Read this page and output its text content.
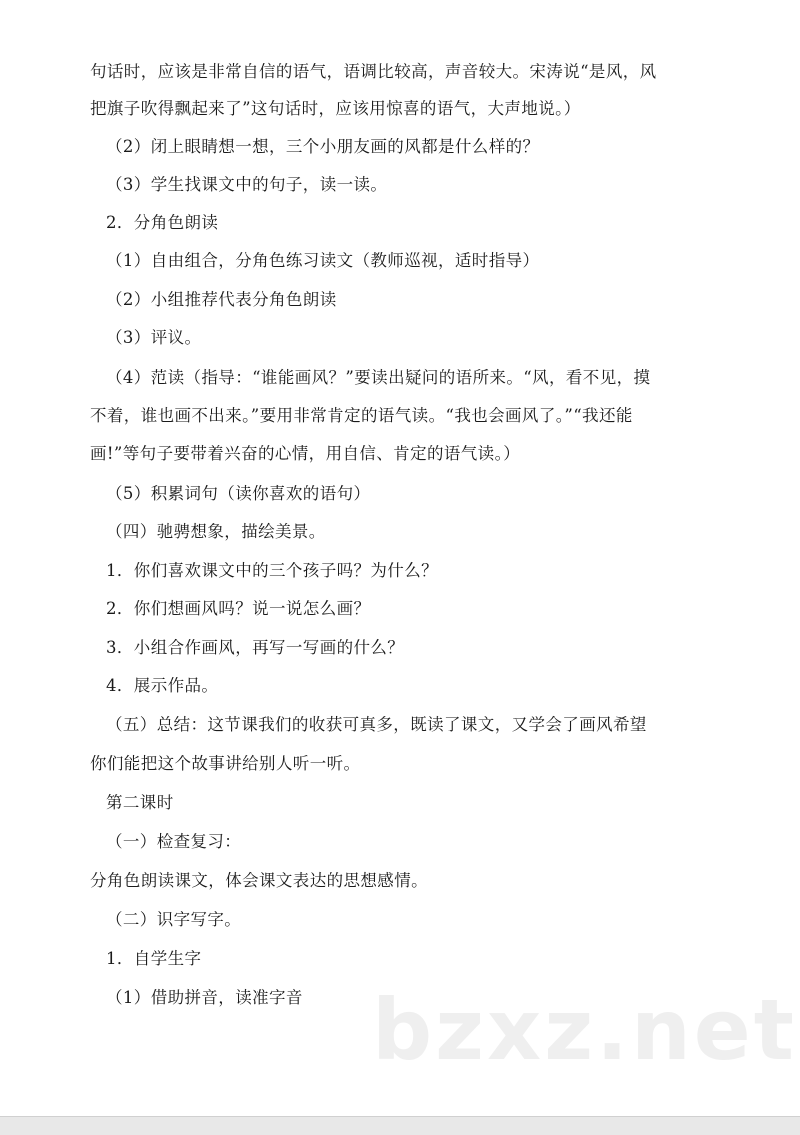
句话时，应该是非常自信的语气，语调比较高，声音较大。宋涛说“是风，风
把旗子吹得飘起来了”这句话时，应该用惊喜的语气，大声地说。）
（2）闭上眼睛想一想，三个小朋友画的风都是什么样的？
（3）学生找课文中的句子，读一读。
2．分角色朗读
（1）自由组合，分角色练习读文（教师巡视，适时指导）
（2）小组推荐代表分角色朗读
（3）评议。
（4）范读（指导：“谁能画风？”要读出疑问的语所来。“风，看不见，摸
不着，谁也画不出来。”要用非常肯定的语气读。“我也会画风了。”“我还能
画!”等句子要带着兴奋的心情，用自信、肯定的语气读。）
（5）积累词句（读你喜欢的语句）
（四）驰骋想象，描绘美景。
1．你们喜欢课文中的三个孩子吗？为什么？
2．你们想画风吗？说一说怎么画？
3．小组合作画风，再写一写画的什么？
4．展示作品。
（五）总结：这节课我们的收获可真多，既读了课文，又学会了画风希望
你们能把这个故事讲给别人听一听。
第二课时
（一）检查复习：
分角色朗读课文，体会课文表达的思想感情。
（二）识字写字。
1．自学生字
（1）借助拼音，读准字音 bzxz.net
